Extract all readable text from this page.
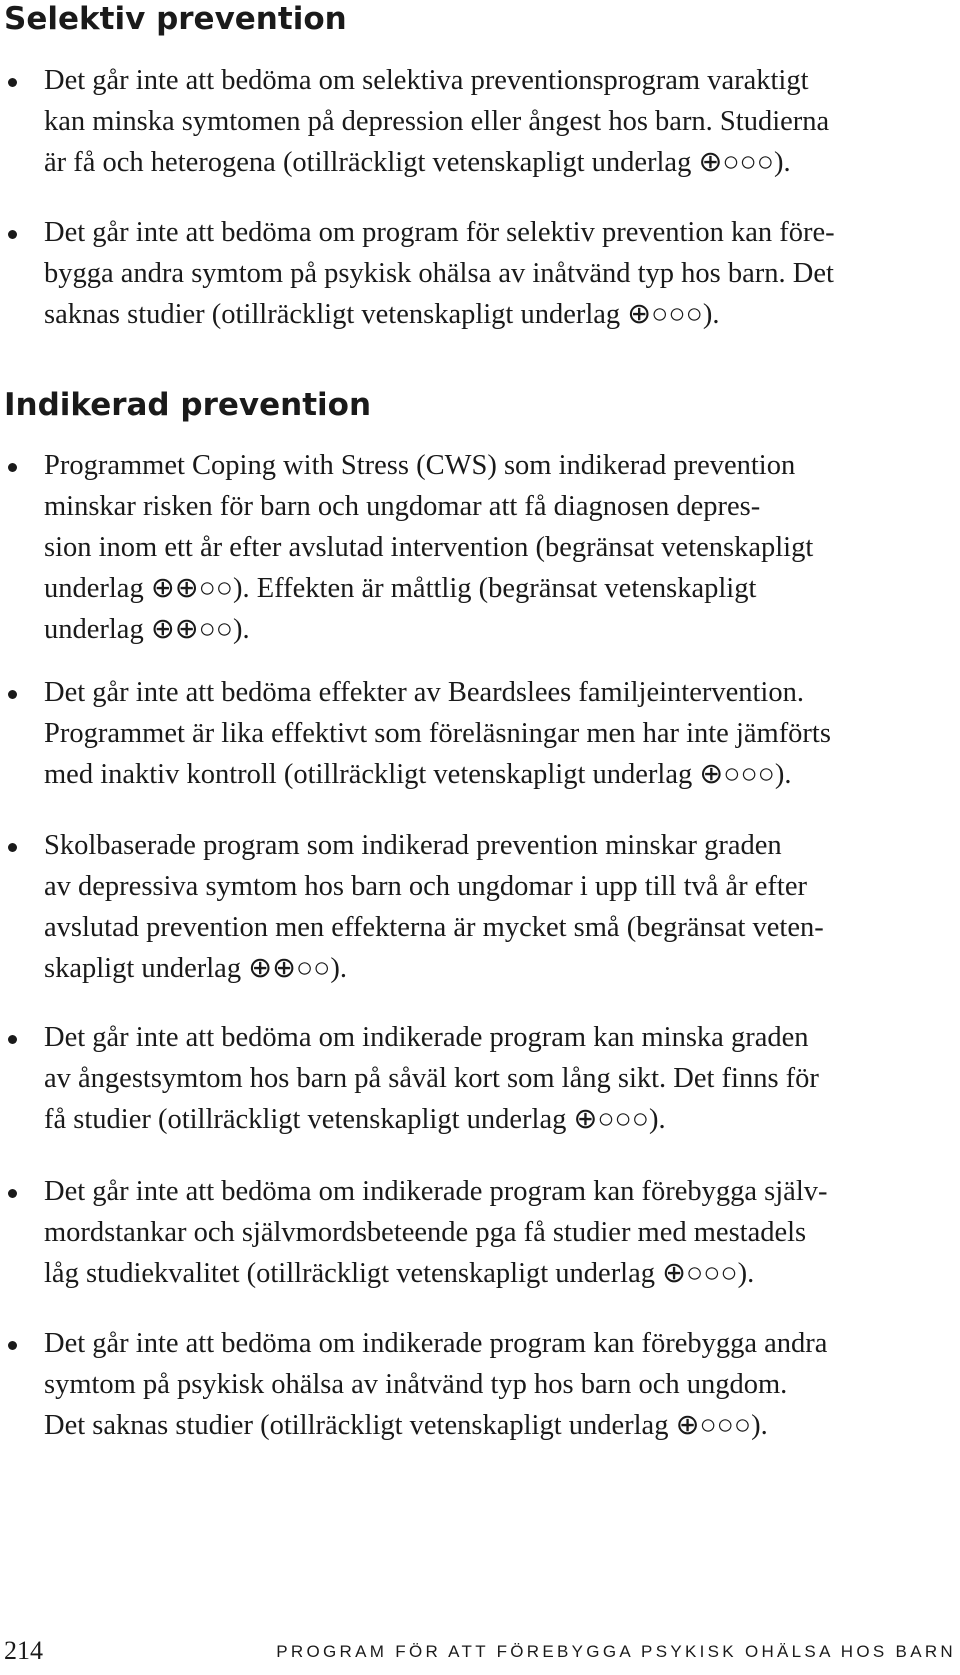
Selektiv prevention

Det går inte att bedöma om selektiva preventionsprogram varaktigt
kan minska symtomen på depression eller ångest hos barn. Studierna
är få och heterogena (otillräckligt vetenskapligt underlag ⊕○○○).

Det går inte att bedöma om program för selektiv prevention kan före-
bygga andra symtom på psykisk ohälsa av inåtvänd typ hos barn. Det
saknas studier (otillräckligt vetenskapligt underlag ⊕○○○).

Indikerad prevention

Programmet Coping with Stress (CWS) som indikerad prevention
minskar risken för barn och ungdomar att få diagnosen depres-
sion inom ett år efter avslutad intervention (begränsat vetenskapligt
underlag ⊕⊕○○). Effekten är måttlig (begränsat vetenskapligt
underlag ⊕⊕○○).

Det går inte att bedöma effekter av Beardslees familjeintervention.
Programmet är lika effektivt som föreläsningar men har inte jämförts
med inaktiv kontroll (otillräckligt vetenskapligt underlag ⊕○○○).

Skolbaserade program som indikerad prevention minskar graden
av depressiva symtom hos barn och ungdomar i upp till två år efter
avslutad prevention men effekterna är mycket små (begränsat veten-
skapligt underlag ⊕⊕○○).

Det går inte att bedöma om indikerade program kan minska graden
av ångestsymtom hos barn på såväl kort som lång sikt. Det finns för
få studier (otillräckligt vetenskapligt underlag ⊕○○○).

Det går inte att bedöma om indikerade program kan förebygga själv-
mordstankar och självmordsbeteende pga få studier med mestadels
låg studiekvalitet (otillräckligt vetenskapligt underlag ⊕○○○).

Det går inte att bedöma om indikerade program kan förebygga andra
symtom på psykisk ohälsa av inåtvänd typ hos barn och ungdom.
Det saknas studier (otillräckligt vetenskapligt underlag ⊕○○○).

214	PROGRAM FÖR ATT FÖREBYGGA PSYKISK OHÄLSA HOS BARN
